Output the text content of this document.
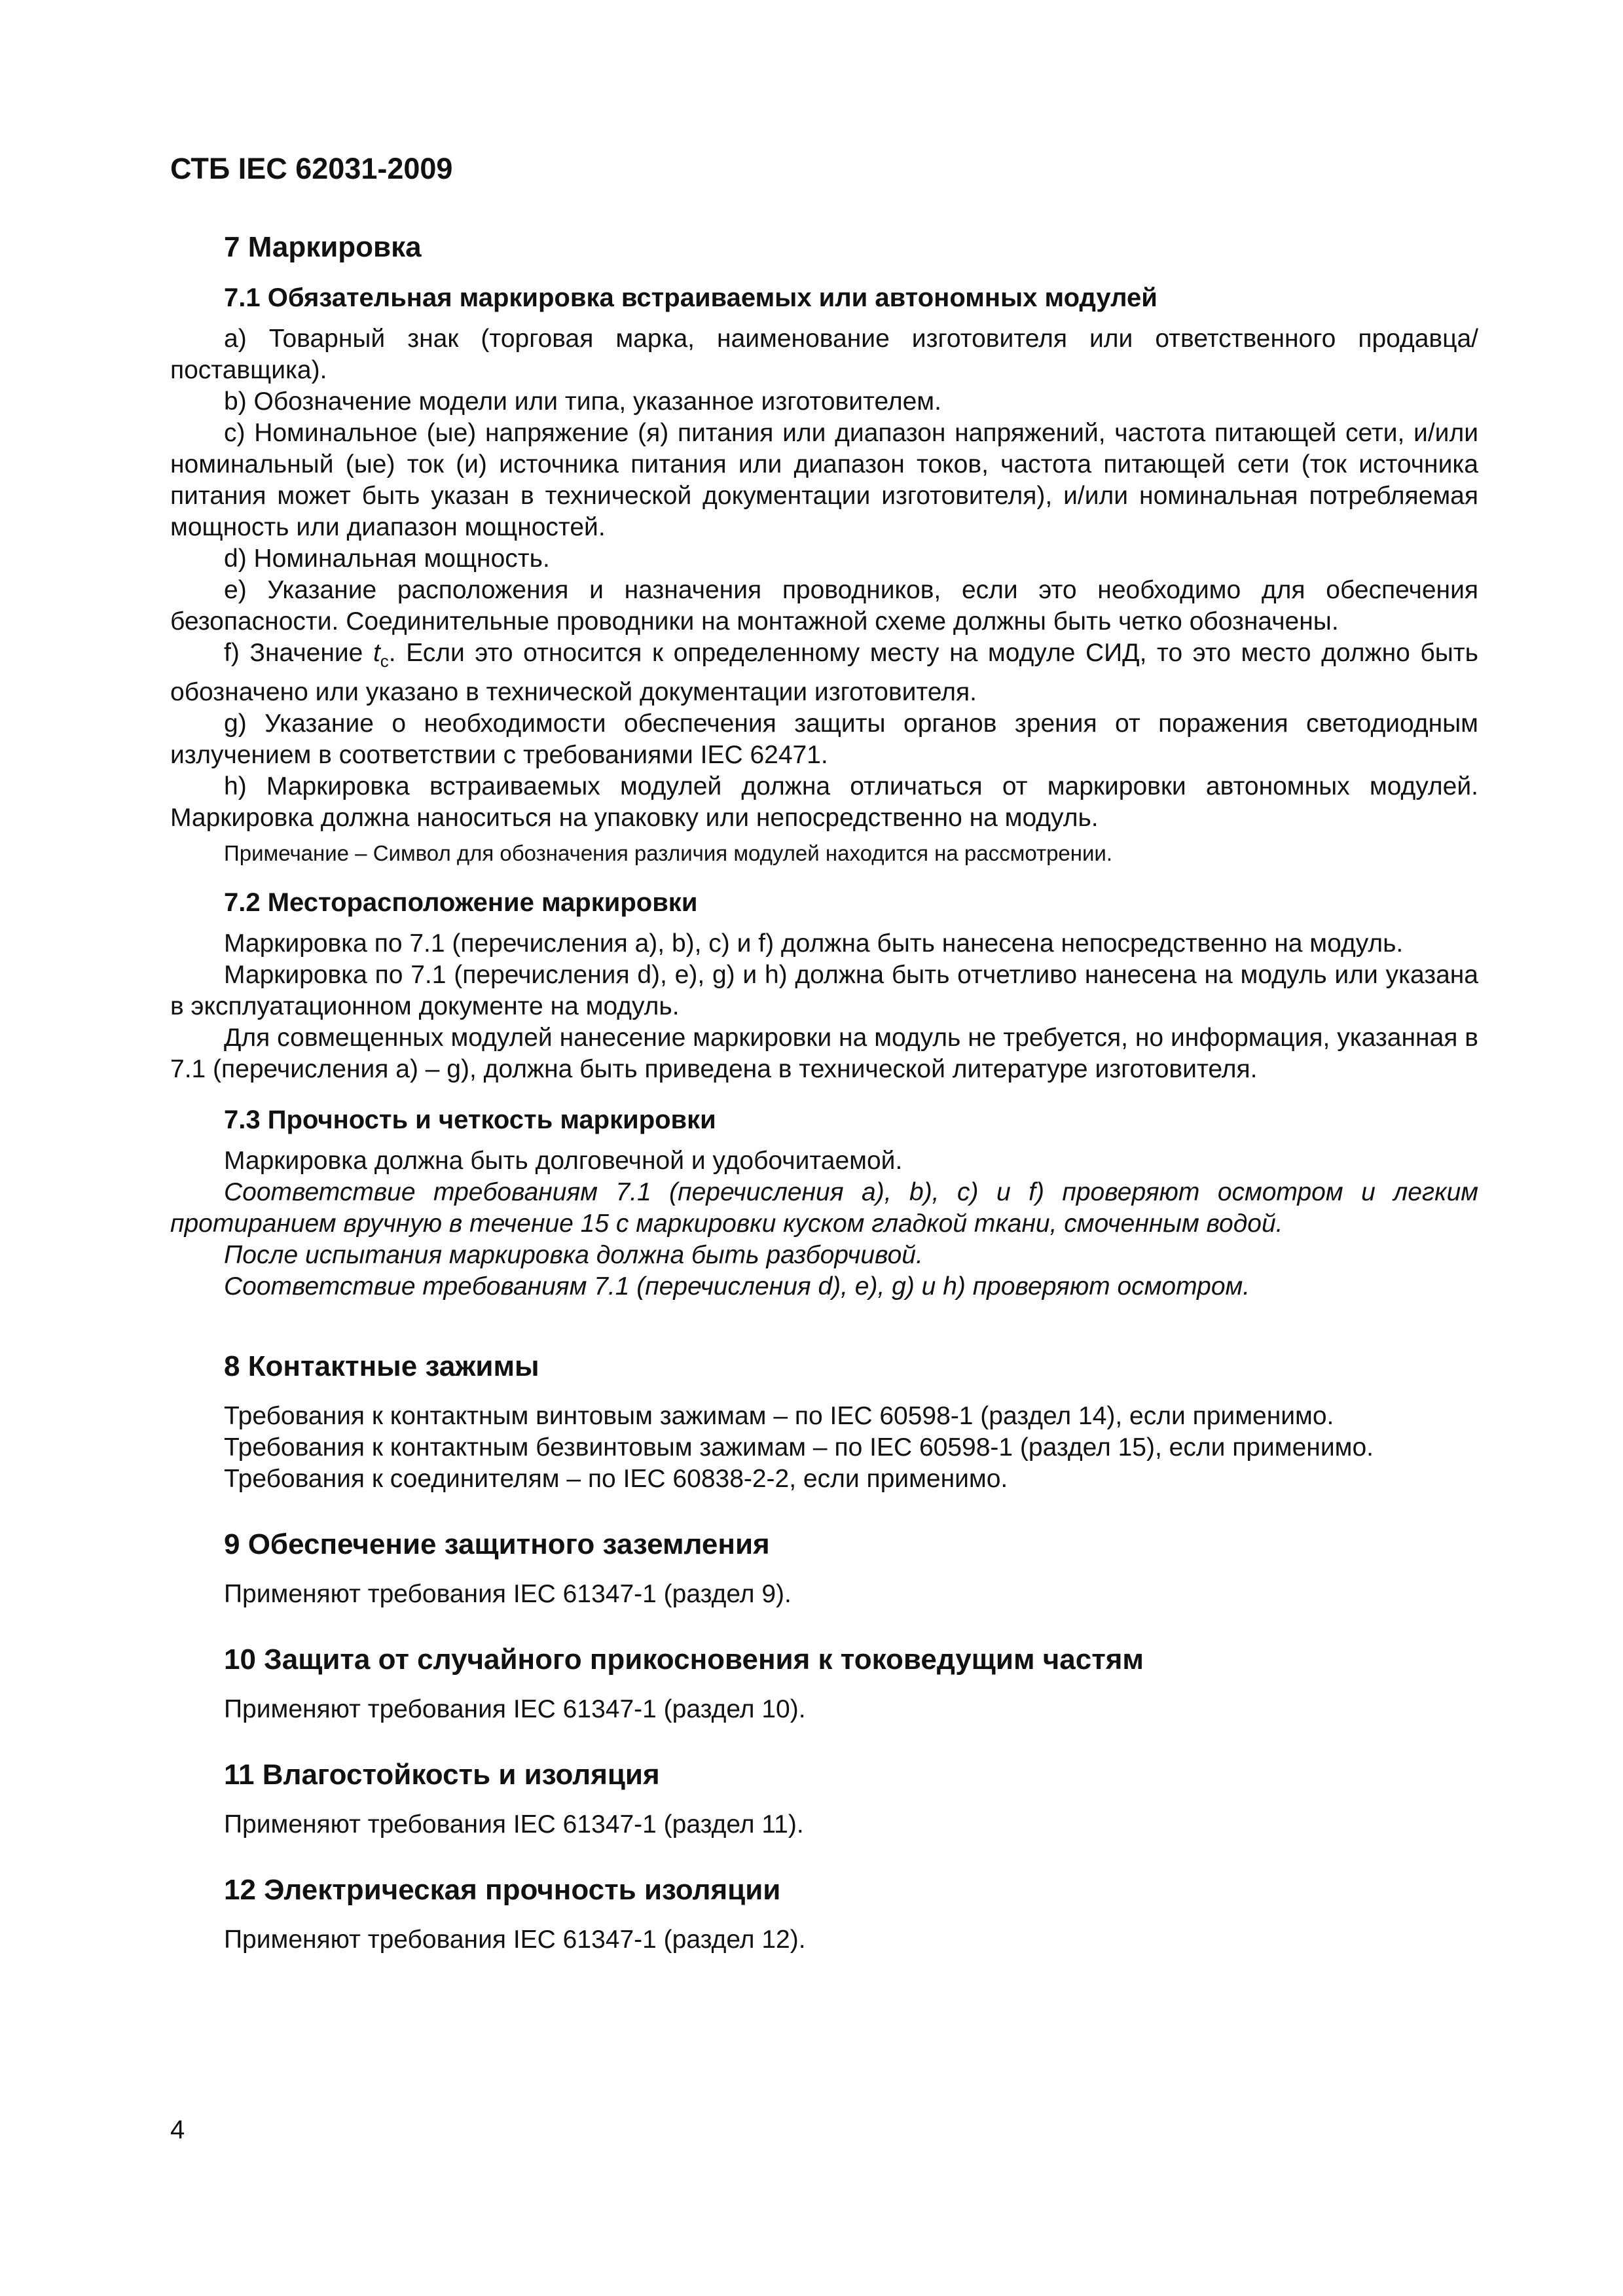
СТБ IEC 62031-2009
7 Маркировка
7.1 Обязательная маркировка встраиваемых или автономных модулей

a) Товарный знак (торговая марка, наименование изготовителя или ответственного продавца/поставщика).

b) Обозначение модели или типа, указанное изготовителем.

c) Номинальное (ые) напряжение (я) питания или диапазон напряжений, частота питающей сети, и/или номинальный (ые) ток (и) источника питания или диапазон токов, частота питающей сети (ток источника питания может быть указан в технической документации изготовителя), и/или номинальная потребляемая мощность или диапазон мощностей.

d) Номинальная мощность.

e) Указание расположения и назначения проводников, если это необходимо для обеспечения безопасности. Соединительные проводники на монтажной схеме должны быть четко обозначены.

f) Значение $t_c$. Если это относится к определенному месту на модуле СИД, то это место должно быть обозначено или указано в технической документации изготовителя.

g) Указание о необходимости обеспечения защиты органов зрения от поражения светодиодным излучением в соответствии с требованиями IEC 62471.

h) Маркировка встраиваемых модулей должна отличаться от маркировки автономных модулей. Маркировка должна наноситься на упаковку или непосредственно на модуль.

Примечание – Символ для обозначения различия модулей находится на рассмотрении.

7.2 Месторасположение маркировки

Маркировка по 7.1 (перечисления a), b), c) и f) должна быть нанесена непосредственно на модуль.

Маркировка по 7.1 (перечисления d), e), g) и h) должна быть отчетливо нанесена на модуль или указана в эксплуатационном документе на модуль.

Для совмещенных модулей нанесение маркировки на модуль не требуется, но информация, указанная в 7.1 (перечисления a) – g), должна быть приведена в технической литературе изготовителя.

7.3 Прочность и четкость маркировки

Маркировка должна быть долговечной и удобочитаемой.

Соответствие требованиям 7.1 (перечисления a), b), c) и f) проверяют осмотром и легким протиранием вручную в течение 15 с маркировки куском гладкой ткани, смоченным водой.

После испытания маркировка должна быть разборчивой.

Соответствие требованиям 7.1 (перечисления d), e), g) и h) проверяют осмотром.

8 Контактные зажимы

Требования к контактным винтовым зажимам – по IEC 60598-1 (раздел 14), если применимо.

Требования к контактным безвинтовым зажимам – по IEC 60598-1 (раздел 15), если применимо.

Требования к соединителям – по IEC 60838-2-2, если применимо.

9 Обеспечение защитного заземления

Применяют требования IEC 61347-1 (раздел 9).

10 Защита от случайного прикосновения к токоведущим частям

Применяют требования IEC 61347-1 (раздел 10).

11 Влагостойкость и изоляция

Применяют требования IEC 61347-1 (раздел 11).

12 Электрическая прочность изоляции

Применяют требования IEC 61347-1 (раздел 12).

4
